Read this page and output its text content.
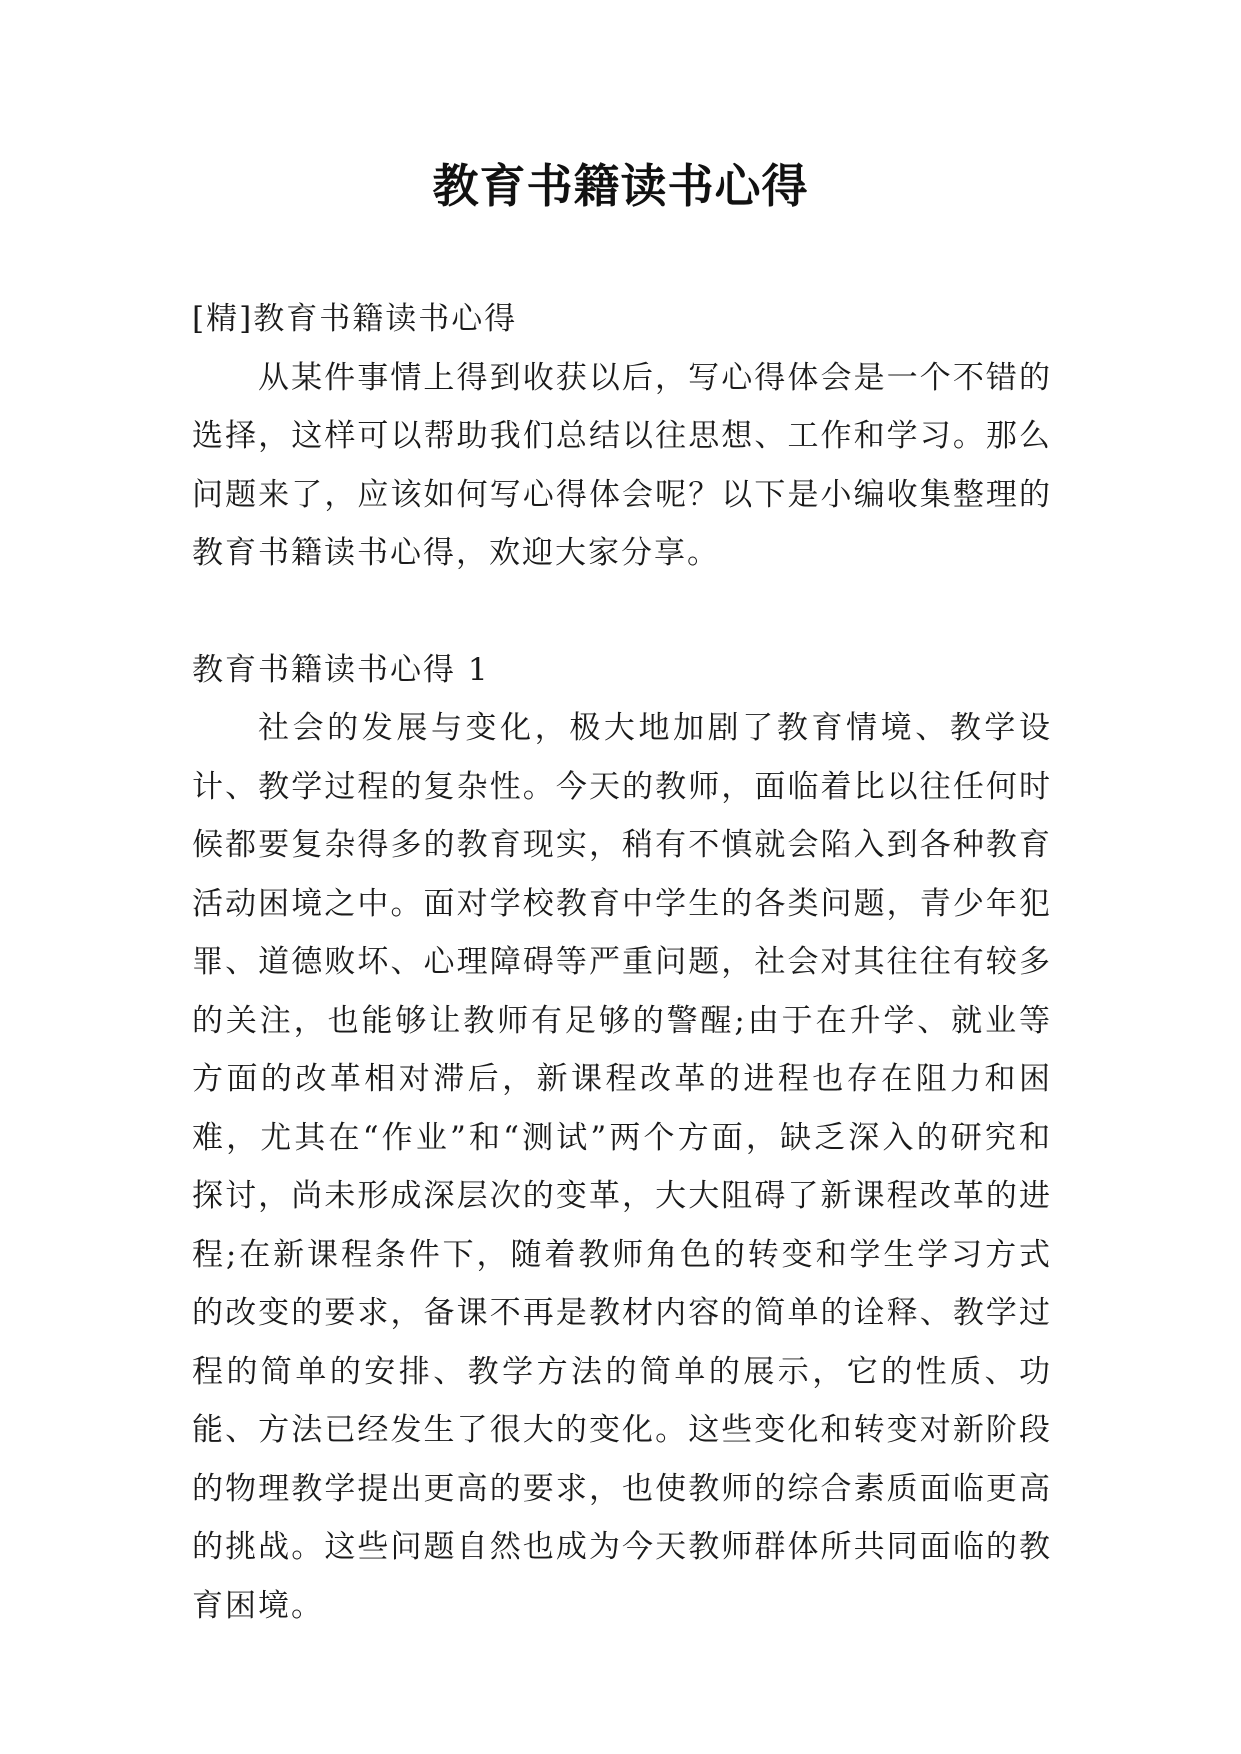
教育书籍读书心得

[精]教育书籍读书心得

从某件事情上得到收获以后，写心得体会是一个不错的选择，这样可以帮助我们总结以往思想、工作和学习。那么问题来了，应该如何写心得体会呢？以下是小编收集整理的教育书籍读书心得，欢迎大家分享。

教育书籍读书心得 1

社会的发展与变化，极大地加剧了教育情境、教学设计、教学过程的复杂性。今天的教师，面临着比以往任何时候都要复杂得多的教育现实，稍有不慎就会陷入到各种教育活动困境之中。面对学校教育中学生的各类问题，青少年犯罪、道德败坏、心理障碍等严重问题，社会对其往往有较多的关注，也能够让教师有足够的警醒;由于在升学、就业等方面的改革相对滞后，新课程改革的进程也存在阻力和困难，尤其在“作业”和“测试”两个方面，缺乏深入的研究和探讨，尚未形成深层次的变革，大大阻碍了新课程改革的进程;在新课程条件下，随着教师角色的转变和学生学习方式的改变的要求，备课不再是教材内容的简单的诠释、教学过程的简单的安排、教学方法的简单的展示，它的性质、功能、方法已经发生了很大的变化。这些变化和转变对新阶段的物理教学提出更高的要求，也使教师的综合素质面临更高的挑战。这些问题自然也成为今天教师群体所共同面临的教育困境。
